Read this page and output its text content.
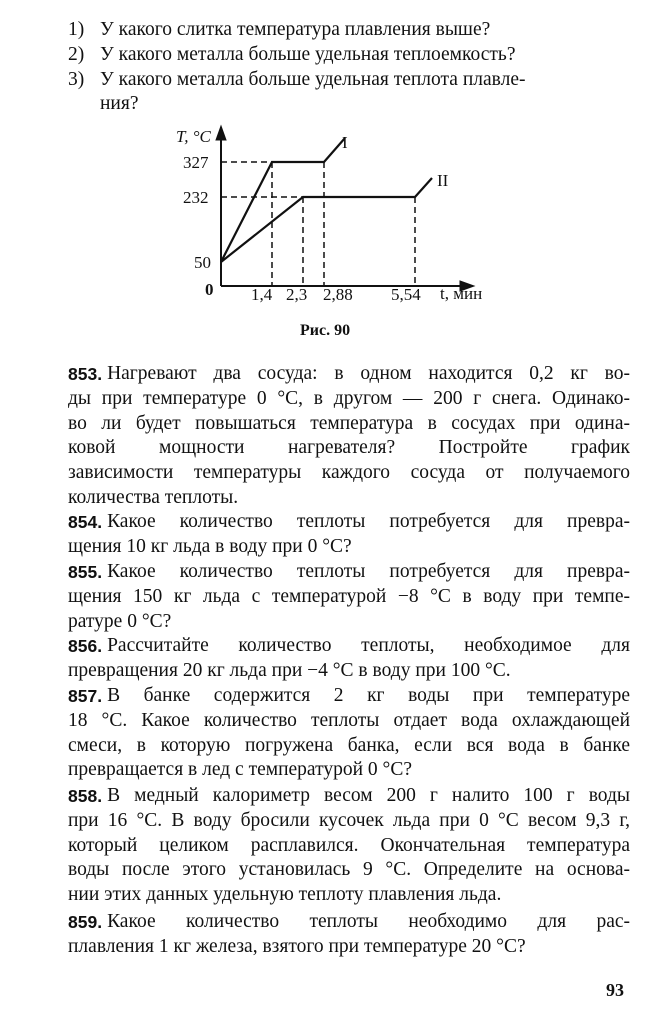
1) У какого слитка температура плавления выше?
2) У какого металла больше удельная теплоемкость?
3) У какого металла больше удельная теплота плавле-
ния?
T, °C
327
232
50
0 1,4 2,3 2,88 5,54 t, мин
I
II
Рис. 90
853. Нагревают два сосуда: в одном находится 0,2 кг во-
ды при температуре 0 °С, в другом — 200 г снега. Одинако-
во ли будет повышаться температура в сосудах при одина-
ковой мощности нагревателя? Постройте график
зависимости температуры каждого сосуда от получаемого
количества теплоты.
854. Какое количество теплоты потребуется для превра-
щения 10 кг льда в воду при 0 °С?
855. Какое количество теплоты потребуется для превра-
щения 150 кг льда с температурой −8 °С в воду при темпе-
ратуре 0 °С?
856. Рассчитайте количество теплоты, необходимое для
превращения 20 кг льда при −4 °С в воду при 100 °С.
857. В банке содержится 2 кг воды при температуре
18 °С. Какое количество теплоты отдает вода охлаждающей
смеси, в которую погружена банка, если вся вода в банке
превращается в лед с температурой 0 °С?
858. В медный калориметр весом 200 г налито 100 г воды
при 16 °С. В воду бросили кусочек льда при 0 °С весом 9,3 г,
который целиком расплавился. Окончательная температура
воды после этого установилась 9 °С. Определите на основа-
нии этих данных удельную теплоту плавления льда.
859. Какое количество теплоты необходимо для рас-
плавления 1 кг железа, взятого при температуре 20 °С?
93
